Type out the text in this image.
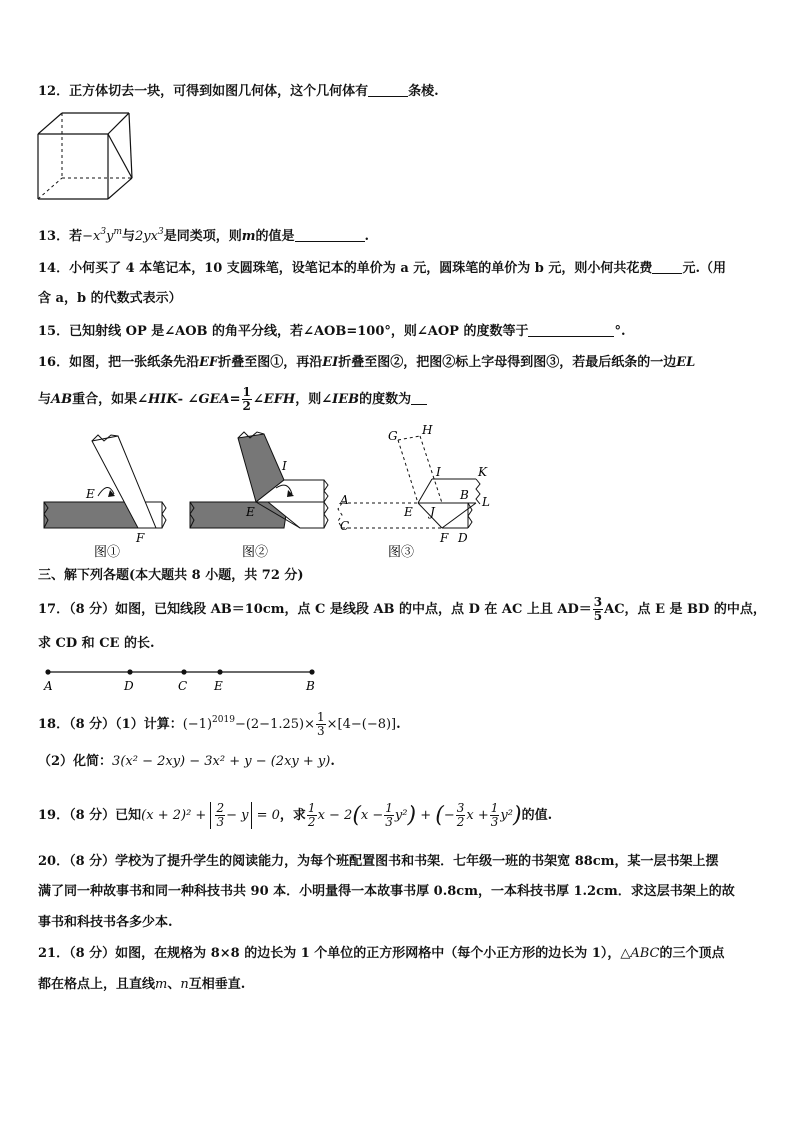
12．正方体切去一块，可得到如图几何体，这个几何体有	条棱.
13．若$-x^3y^m$与$2yx^3$是同类项，则m的值是	.
14．小何买了 4 本笔记本，10 支圆珠笔，设笔记本的单价为 a 元，圆珠笔的单价为 b 元，则小何共花费 元.（用
含 a，b 的代数式表示）
15．已知射线 OP 是∠AOB 的角平分线，若∠AOB=100°，则∠AOP 的度数等于	°.
16．如图，把一张纸条先沿EF折叠至图①，再沿EI折叠至图②，把图②标上字母得到图③，若最后纸条的一边EL
与AB重合，如果∠HIK- ∠GEA= $\frac{1}{2}$ ∠EFH，则∠IEB的度数为
E
F
图①
I
E
图②
G H
I	K
A	B L
E J
C
F D
图③
三、解下列各题(本大题共 8 小题，共 72 分)
17．（8 分）如图，已知线段 AB＝10cm，点 C 是线段 AB 的中点，点 D 在 AC 上且 $AD= \frac{3}{5}$ AC，点 E 是 BD 的中点，
求 CD 和 CE 的长.
A	D	C E	B
18．（8 分）（1）计算：$(-1)^{2019}-(2-1.25)\times \frac{1}{3} \times[4-(-8)]$.
（2）化简：3(x² − 2xy) − 3x² + y − (2xy + y).
19．（8 分）已知$(x + 2)^2 + \frac{2}{3} - y = 0$，求 $\frac{1}{2}$ $x - 2(x - \frac{1}{3} y^2)$ + (− $\frac{3}{2}$ $x + \frac{1}{3} y^2$)的值.
20．（8 分）学校为了提升学生的阅读能力，为每个班配置图书和书架．七年级一班的书架宽 88cm，某一层书架上摆
满了同一种故事书和同一种科技书共 90 本．小明量得一本故事书厚 0.8cm，一本科技书厚 1.2cm．求这层书架上的故
事书和科技书各多少本.
21．（8 分）如图，在规格为 8×8 的边长为 1 个单位的正方形网格中（每个小正方形的边长为 1），△ABC的三个顶点
都在格点上，且直线m、n互相垂直.
